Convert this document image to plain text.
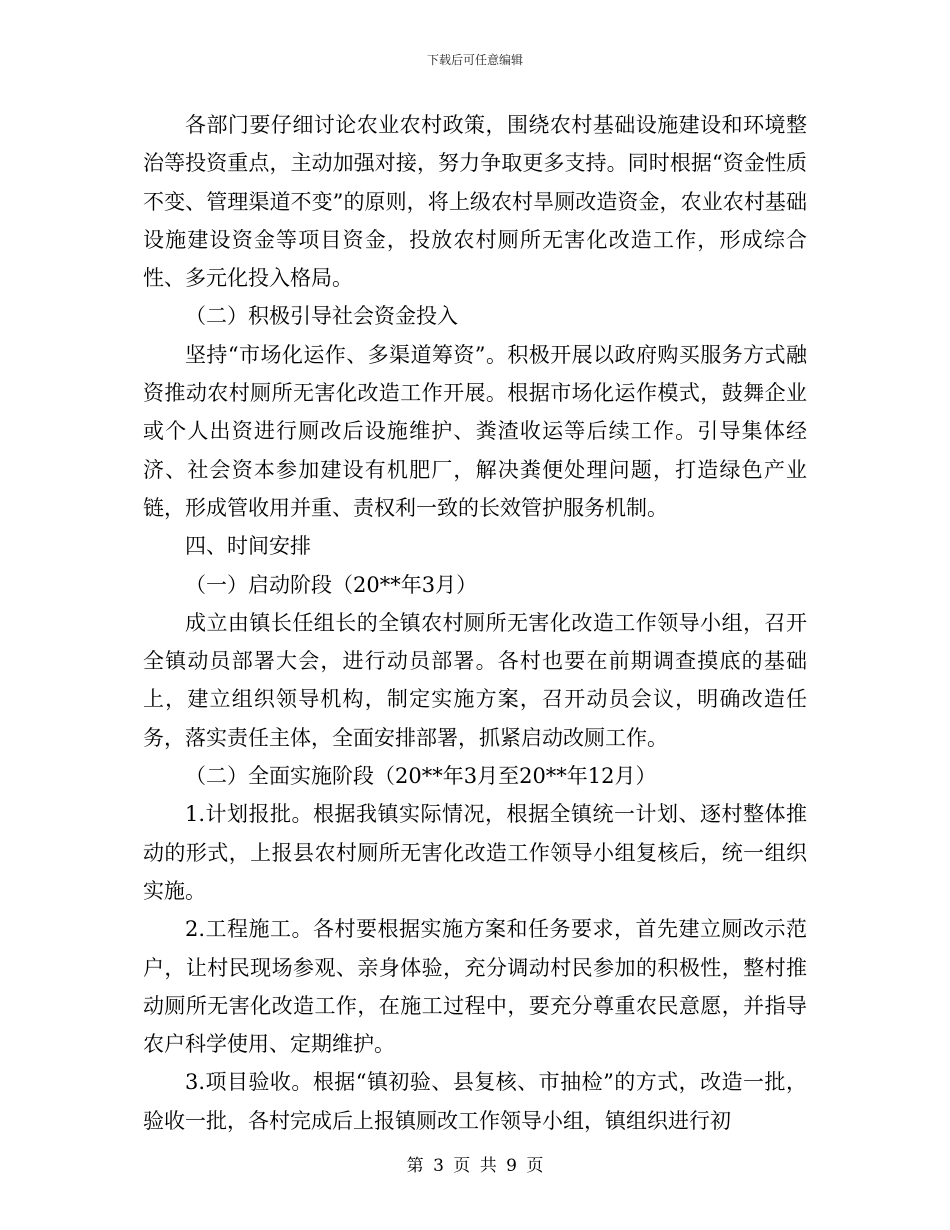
下载后可任意编辑

各部门要仔细讨论农业农村政策，围绕农村基础设施建设和环境整治等投资重点，主动加强对接，努力争取更多支持。同时根据“资金性质不变、管理渠道不变”的原则，将上级农村旱厕改造资金，农业农村基础设施建设资金等项目资金，投放农村厕所无害化改造工作，形成综合性、多元化投入格局。

（二）积极引导社会资金投入

坚持“市场化运作、多渠道筹资”。积极开展以政府购买服务方式融资推动农村厕所无害化改造工作开展。根据市场化运作模式，鼓舞企业或个人出资进行厕改后设施维护、粪渣收运等后续工作。引导集体经济、社会资本参加建设有机肥厂，解决粪便处理问题，打造绿色产业链，形成管收用并重、责权利一致的长效管护服务机制。

四、时间安排

（一）启动阶段（20**年3月）

成立由镇长任组长的全镇农村厕所无害化改造工作领导小组，召开全镇动员部署大会，进行动员部署。各村也要在前期调查摸底的基础上，建立组织领导机构，制定实施方案，召开动员会议，明确改造任务，落实责任主体，全面安排部署，抓紧启动改厕工作。

（二）全面实施阶段（20**年3月至20**年12月）

1.计划报批。根据我镇实际情况，根据全镇统一计划、逐村整体推动的形式，上报县农村厕所无害化改造工作领导小组复核后，统一组织实施。

2.工程施工。各村要根据实施方案和任务要求，首先建立厕改示范户，让村民现场参观、亲身体验，充分调动村民参加的积极性，整村推动厕所无害化改造工作，在施工过程中，要充分尊重农民意愿，并指导农户科学使用、定期维护。

3.项目验收。根据“镇初验、县复核、市抽检”的方式，改造一批，验收一批，各村完成后上报镇厕改工作领导小组，镇组织进行初

第 3 页 共 9 页
